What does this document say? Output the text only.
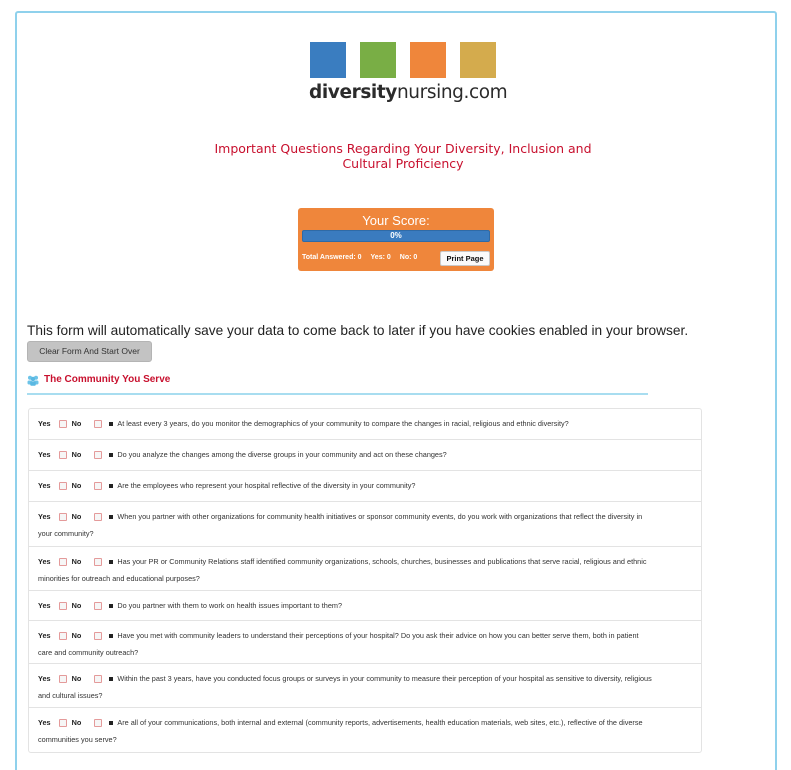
diversitynursing.com
Important Questions Regarding Your Diversity, Inclusion and
Cultural Proficiency
Your Score:
0%
Total Answered: 0 Yes: 0 No: 0	Print Page
This form will automatically save your data to come back to later if you have cookies enabled in your browser.
Clear Form And Start Over
The Community You Serve
Yes	No	At least every 3 years, do you monitor the demographics of your community to compare the changes in racial, religious and ethnic diversity?
Yes	No	Do you analyze the changes among the diverse groups in your community and act on these changes?
Yes	No	Are the employees who represent your hospital reflective of the diversity in your community?
Yes	No	When you partner with other organizations for community health initiatives or sponsor community events, do you work with organizations that reflect the diversity in
your community?
Yes	No	Has your PR or Community Relations staff identified community organizations, schools, churches, businesses and publications that serve racial, religious and ethnic
minorities for outreach and educational purposes?
Yes	No	Do you partner with them to work on health issues important to them?
Yes	No	Have you met with community leaders to understand their perceptions of your hospital? Do you ask their advice on how you can better serve them, both in patient
care and community outreach?
Yes	No	Within the past 3 years, have you conducted focus groups or surveys in your community to measure their perception of your hospital as sensitive to diversity, religious
and cultural issues?
Yes	No	Are all of your communications, both internal and external (community reports, advertisements, health education materials, web sites, etc.), reflective of the diverse
communities you serve?
